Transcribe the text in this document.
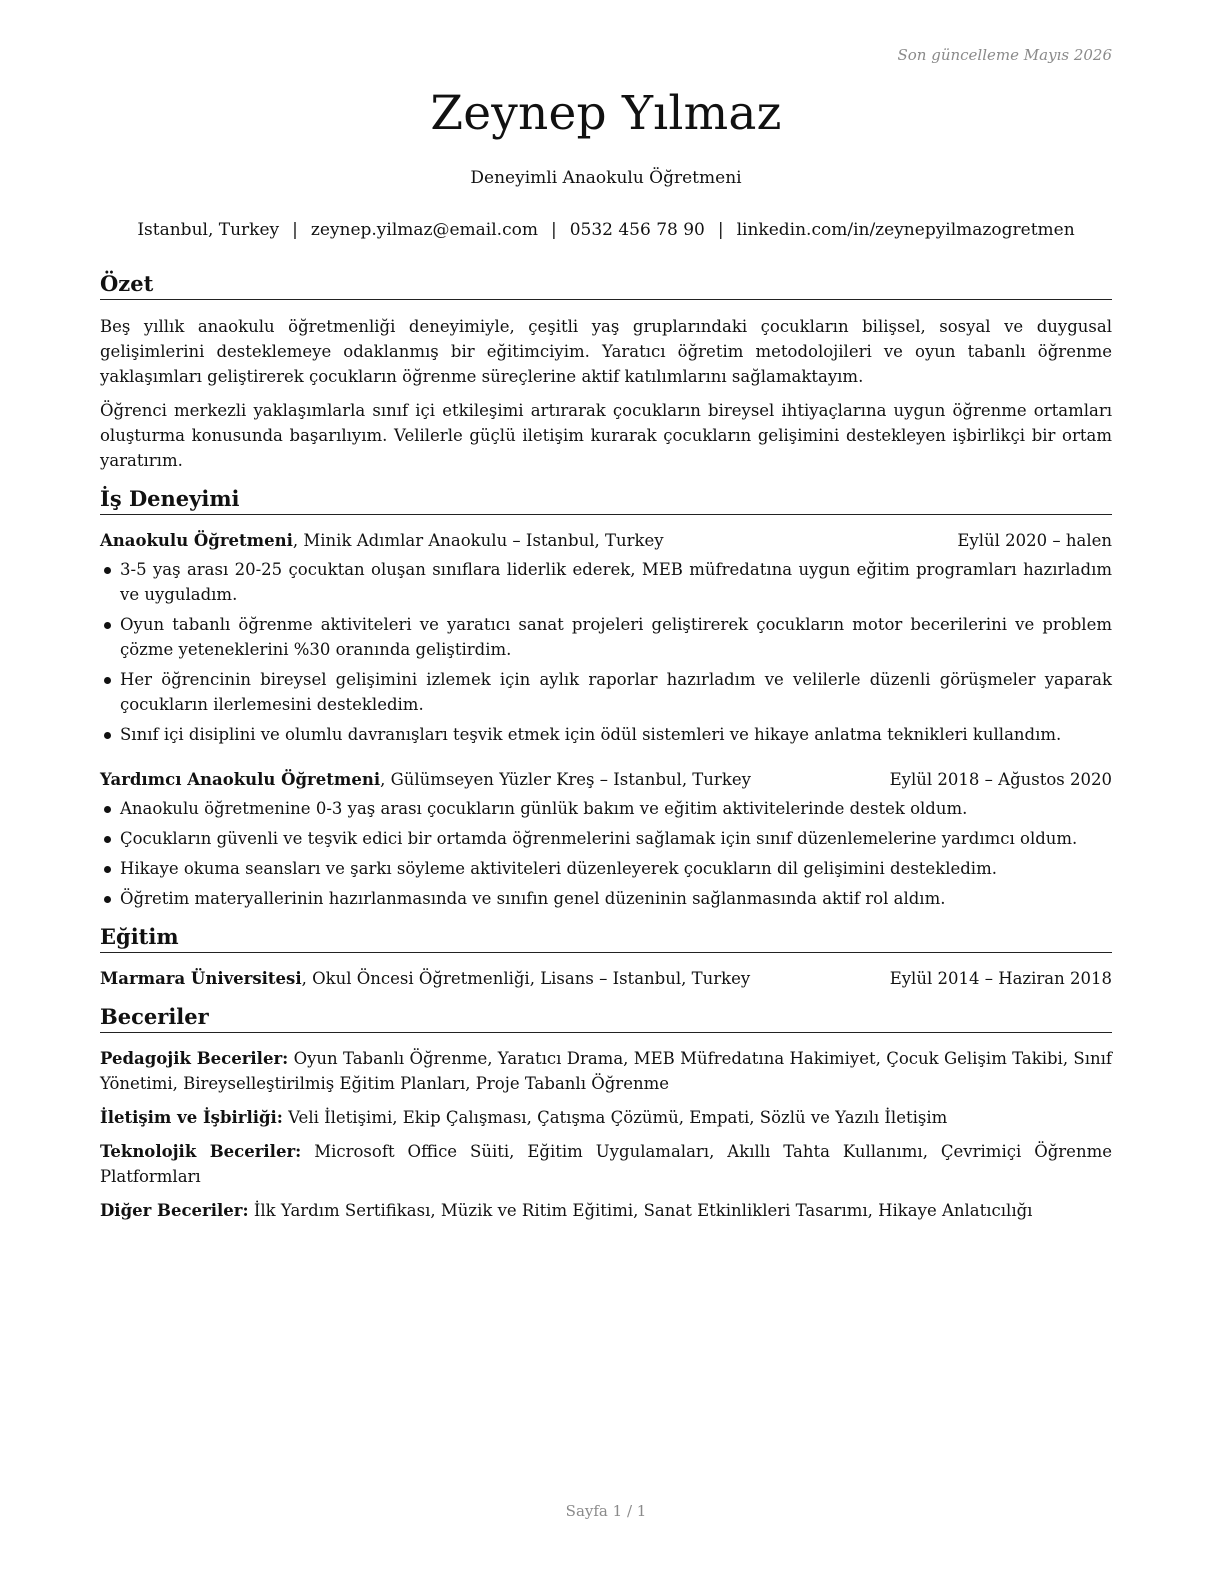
Son güncelleme Mayıs 2026
Zeynep Yılmaz
Deneyimli Anaokulu Öğretmeni
Istanbul, Turkey | zeynep.yilmaz@email.com | 0532 456 78 90 | linkedin.com/in/zeynepyilmazogretmen
Özet

Beş yıllık anaokulu öğretmenliği deneyimiyle, çeşitli yaş gruplarındaki çocukların bilişsel, sosyal ve duygusal gelişimlerini desteklemeye odaklanmış bir eğitimciyim. Yaratıcı öğretim metodolojileri ve oyun tabanlı öğrenme yaklaşımları geliştirerek çocukların öğrenme süreçlerine aktif katılımlarını sağlamaktayım.

Öğrenci merkezli yaklaşımlarla sınıf içi etkileşimi artırarak çocukların bireysel ihtiyaçlarına uygun öğrenme ortamları oluşturma konusunda başarılıyım. Velilerle güçlü iletişim kurarak çocukların gelişimini destekleyen işbirlikçi bir ortam yaratırım.

İş Deneyimi
Anaokulu Öğretmeni, Minik Adımlar Anaokulu – Istanbul, Turkey	Eylül 2020 – halen
3-5 yaş arası 20-25 çocuktan oluşan sınıflara liderlik ederek, MEB müfredatına uygun eğitim programları hazırladım ve uyguladım.
Oyun tabanlı öğrenme aktiviteleri ve yaratıcı sanat projeleri geliştirerek çocukların motor becerilerini ve problem çözme yeteneklerini %30 oranında geliştirdim.
Her öğrencinin bireysel gelişimini izlemek için aylık raporlar hazırladım ve velilerle düzenli görüşmeler yaparak çocukların ilerlemesini destekledim.
Sınıf içi disiplini ve olumlu davranışları teşvik etmek için ödül sistemleri ve hikaye anlatma teknikleri kullandım.
Yardımcı Anaokulu Öğretmeni, Gülümseyen Yüzler Kreş – Istanbul, Turkey	Eylül 2018 – Ağustos 2020
Anaokulu öğretmenine 0-3 yaş arası çocukların günlük bakım ve eğitim aktivitelerinde destek oldum.
Çocukların güvenli ve teşvik edici bir ortamda öğrenmelerini sağlamak için sınıf düzenlemelerine yardımcı oldum.
Hikaye okuma seansları ve şarkı söyleme aktiviteleri düzenleyerek çocukların dil gelişimini destekledim.
Öğretim materyallerinin hazırlanmasında ve sınıfın genel düzeninin sağlanmasında aktif rol aldım.
Eğitim
Marmara Üniversitesi, Okul Öncesi Öğretmenliği, Lisans – Istanbul, Turkey	Eylül 2014 – Haziran 2018
Beceriler
Pedagojik Beceriler: Oyun Tabanlı Öğrenme, Yaratıcı Drama, MEB Müfredatına Hakimiyet, Çocuk Gelişim Takibi, Sınıf Yönetimi, Bireyselleştirilmiş Eğitim Planları, Proje Tabanlı Öğrenme
İletişim ve İşbirliği: Veli İletişimi, Ekip Çalışması, Çatışma Çözümü, Empati, Sözlü ve Yazılı İletişim
Teknolojik Beceriler: Microsoft Office Süiti, Eğitim Uygulamaları, Akıllı Tahta Kullanımı, Çevrimiçi Öğrenme Platformları
Diğer Beceriler: İlk Yardım Sertifikası, Müzik ve Ritim Eğitimi, Sanat Etkinlikleri Tasarımı, Hikaye Anlatıcılığı
Sayfa 1 / 1
